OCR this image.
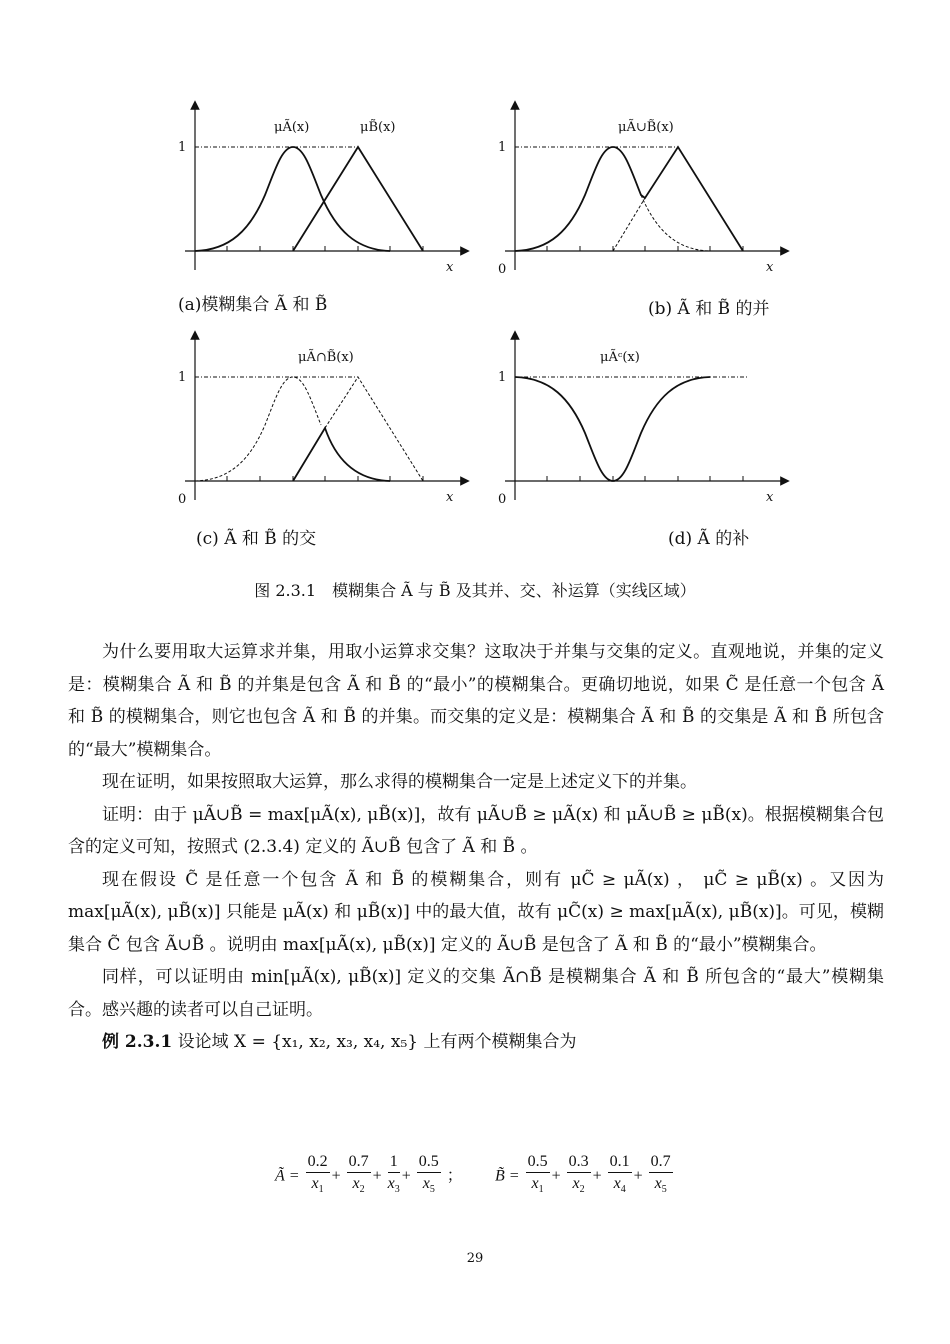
1
x
μÃ(x)	μB̃(x)
(a)模糊集合 Ã 和 B̃
1
0	x
μÃ∪B̃(x)
(b) Ã 和 B̃ 的并
1
0	x
μÃ∩B̃(x)
(c) Ã 和 B̃ 的交
1
0	x
μÃᶜ(x)
(d) Ã 的补
图 2.3.1　模糊集合 Ã 与 B̃ 及其并、交、补运算（实线区域）

为什么要用取大运算求并集，用取小运算求交集？这取决于并集与交集的定义。直观地说，并集的定义是：模糊集合 Ã 和 B̃ 的并集是包含 Ã 和 B̃ 的“最小”的模糊集合。更确切地说，如果 C̃ 是任意一个包含 Ã 和 B̃ 的模糊集合，则它也包含 Ã 和 B̃ 的并集。而交集的定义是：模糊集合 Ã 和 B̃ 的交集是 Ã 和 B̃ 所包含的“最大”模糊集合。

现在证明，如果按照取大运算，那么求得的模糊集合一定是上述定义下的并集。

证明：由于 μÃ∪B̃ = max[μÃ(x), μB̃(x)]，故有 μÃ∪B̃ ≥ μÃ(x) 和 μÃ∪B̃ ≥ μB̃(x)。根据模糊集合包含的定义可知，按照式 (2.3.4) 定义的 Ã∪B̃ 包含了 Ã 和 B̃ 。

现在假设 C̃ 是任意一个包含 Ã 和 B̃ 的模糊集合，则有 μC̃ ≥ μÃ(x) ， μC̃ ≥ μB̃(x) 。又因为 max[μÃ(x), μB̃(x)] 只能是 μÃ(x) 和 μB̃(x)] 中的最大值，故有 μC̃(x) ≥ max[μÃ(x), μB̃(x)]。可见，模糊集合 C̃ 包含 Ã∪B̃ 。说明由 max[μÃ(x), μB̃(x)] 定义的 Ã∪B̃ 是包含了 Ã 和 B̃ 的“最小”模糊集合。

同样，可以证明由 min[μÃ(x), μB̃(x)] 定义的交集 Ã∩B̃ 是模糊集合 Ã 和 B̃ 所包含的“最大”模糊集合。感兴趣的读者可以自己证明。

例 2.3.1 设论域 X = {x₁, x₂, x₃, x₄, x₅} 上有两个模糊集合为

Ã = $\frac{0.2}{x_1} + \frac{0.7}{x_2} + \frac{1}{x_3} + \frac{0.5}{x_5}$ ； B̃ = $\frac{0.5}{x_1} + \frac{0.3}{x_2} + \frac{0.1}{x_4} + \frac{0.7}{x_5}$
29
